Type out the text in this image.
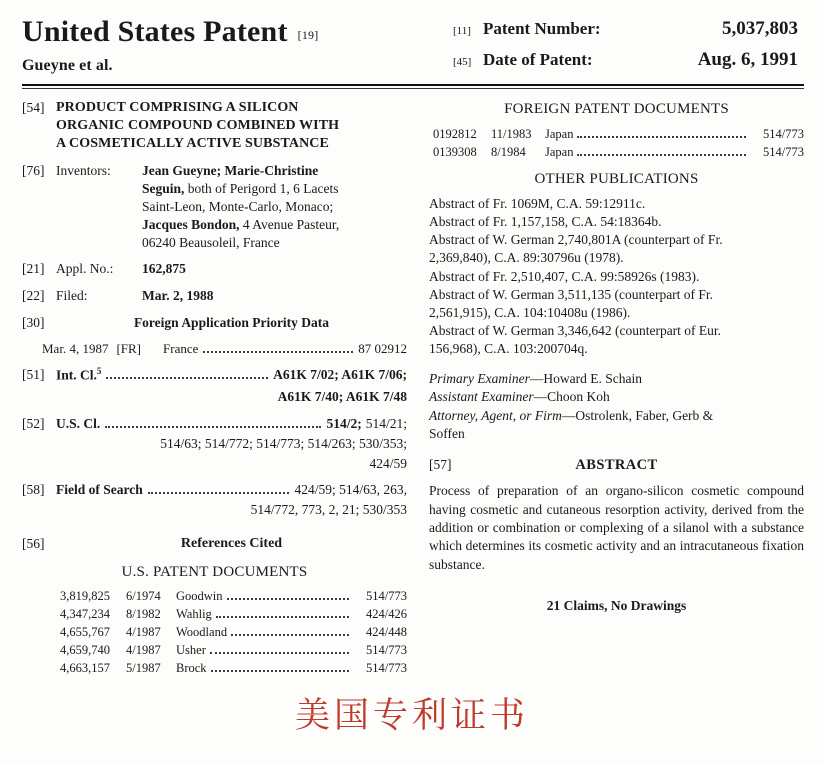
United States Patent [19]
Gueyne et al.
[11] Patent Number:	5,037,803
[45] Date of Patent:	Aug. 6, 1991
[54] PRODUCT COMPRISING A SILICON
ORGANIC COMPOUND COMBINED WITH
A COSMETICALLY ACTIVE SUBSTANCE
[76] Inventors:	Jean Gueyne; Marie-Christine
Seguin, both of Perigord 1, 6 Lacets
Saint-Leon, Monte-Carlo, Monaco;
Jacques Bondon, 4 Avenue Pasteur,
06240 Beausoleil, France
[21] Appl. No.:	162,875
[22] Filed:	Mar. 2, 1988
[30]	Foreign Application Priority Data
Mar. 4, 1987 [FR] France	87 02912
[51] Int. Cl.$^5$	A61K 7/02; A61K 7/06;
A61K 7/40; A61K 7/48
[52] U.S. Cl.	514/2; 514/21;
514/63; 514/772; 514/773; 514/263; 530/353;
424/59
[58] Field of Search	424/59; 514/63, 263,
514/772, 773, 2, 21; 530/353
[56]	References Cited
U.S. PATENT DOCUMENTS
3,819,825	6/1974	Goodwin	514/773
4,347,234	8/1982	Wahlig	424/426
4,655,767	4/1987	Woodland	424/448
4,659,740	4/1987	Usher	514/773
4,663,157	5/1987	Brock	514/773
FOREIGN PATENT DOCUMENTS
0192812	11/1983	Japan	514/773
0139308	8/1984	Japan	514/773
OTHER PUBLICATIONS
Abstract of Fr. 1069M, C.A. 59:12911c.
Abstract of Fr. 1,157,158, C.A. 54:18364b.
Abstract of W. German 2,740,801A (counterpart of Fr.
2,369,840), C.A. 89:30796u (1978).
Abstract of Fr. 2,510,407, C.A. 99:58926s (1983).
Abstract of W. German 3,511,135 (counterpart of Fr.
2,561,915), C.A. 104:10408u (1986).
Abstract of W. German 3,346,642 (counterpart of Eur.
156,968), C.A. 103:200704q.
Primary Examiner—Howard E. Schain
Assistant Examiner—Choon Koh
Attorney, Agent, or Firm—Ostrolenk, Faber, Gerb &
Soffen
[57]	ABSTRACT
Process of preparation of an organo-silicon cosmetic compound having cosmetic and cutaneous resorption activity, derived from the addition or combination or complexing of a silanol with a substance which determines its cosmetic activity and an intracutaneous fixation substance.
21 Claims, No Drawings
美国专利证书
